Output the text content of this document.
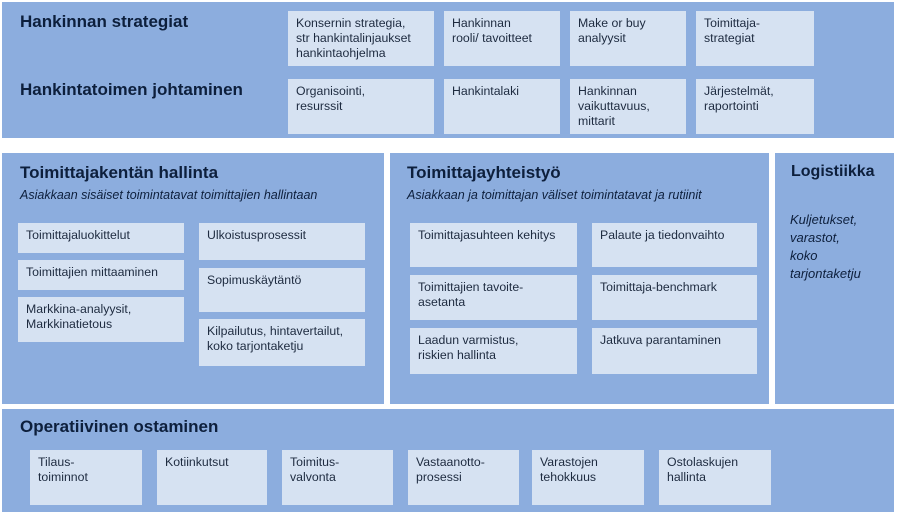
Hankinnan strategiat
Hankintatoimen johtaminen
Konsernin strategia,
str hankintalinjaukset
hankintaohjelma
Hankinnan
rooli/ tavoitteet
Make or buy
analyysit
Toimittaja-
strategiat
Organisointi,
resurssit
Hankintalaki	Hankinnan
vaikuttavuus,
mittarit
Järjestelmät,
raportointi
Toimittajakentän hallinta
Asiakkaan sisäiset toimintatavat toimittajien hallintaan
Toimittajaluokittelut
Toimittajien mittaaminen
Markkina-analyysit,
Markkinatietous
Ulkoistusprosessit
Sopimuskäytäntö
Kilpailutus, hintavertailut,
koko tarjontaketju
Toimittajayhteistyö
Asiakkaan ja toimittajan väliset toimintatavat ja rutiinit
Toimittajasuhteen kehitys
Toimittajien tavoite-
asetanta
Laadun varmistus,
riskien hallinta
Palaute ja tiedonvaihto
Toimittaja-benchmark
Jatkuva parantaminen
Logistiikka
Kuljetukset,
varastot,
koko
tarjontaketju
Operatiivinen ostaminen
Tilaus-
toiminnot
Kotiinkutsut	Toimitus-
valvonta
Vastaanotto-
prosessi
Varastojen
tehokkuus
Ostolaskujen
hallinta
